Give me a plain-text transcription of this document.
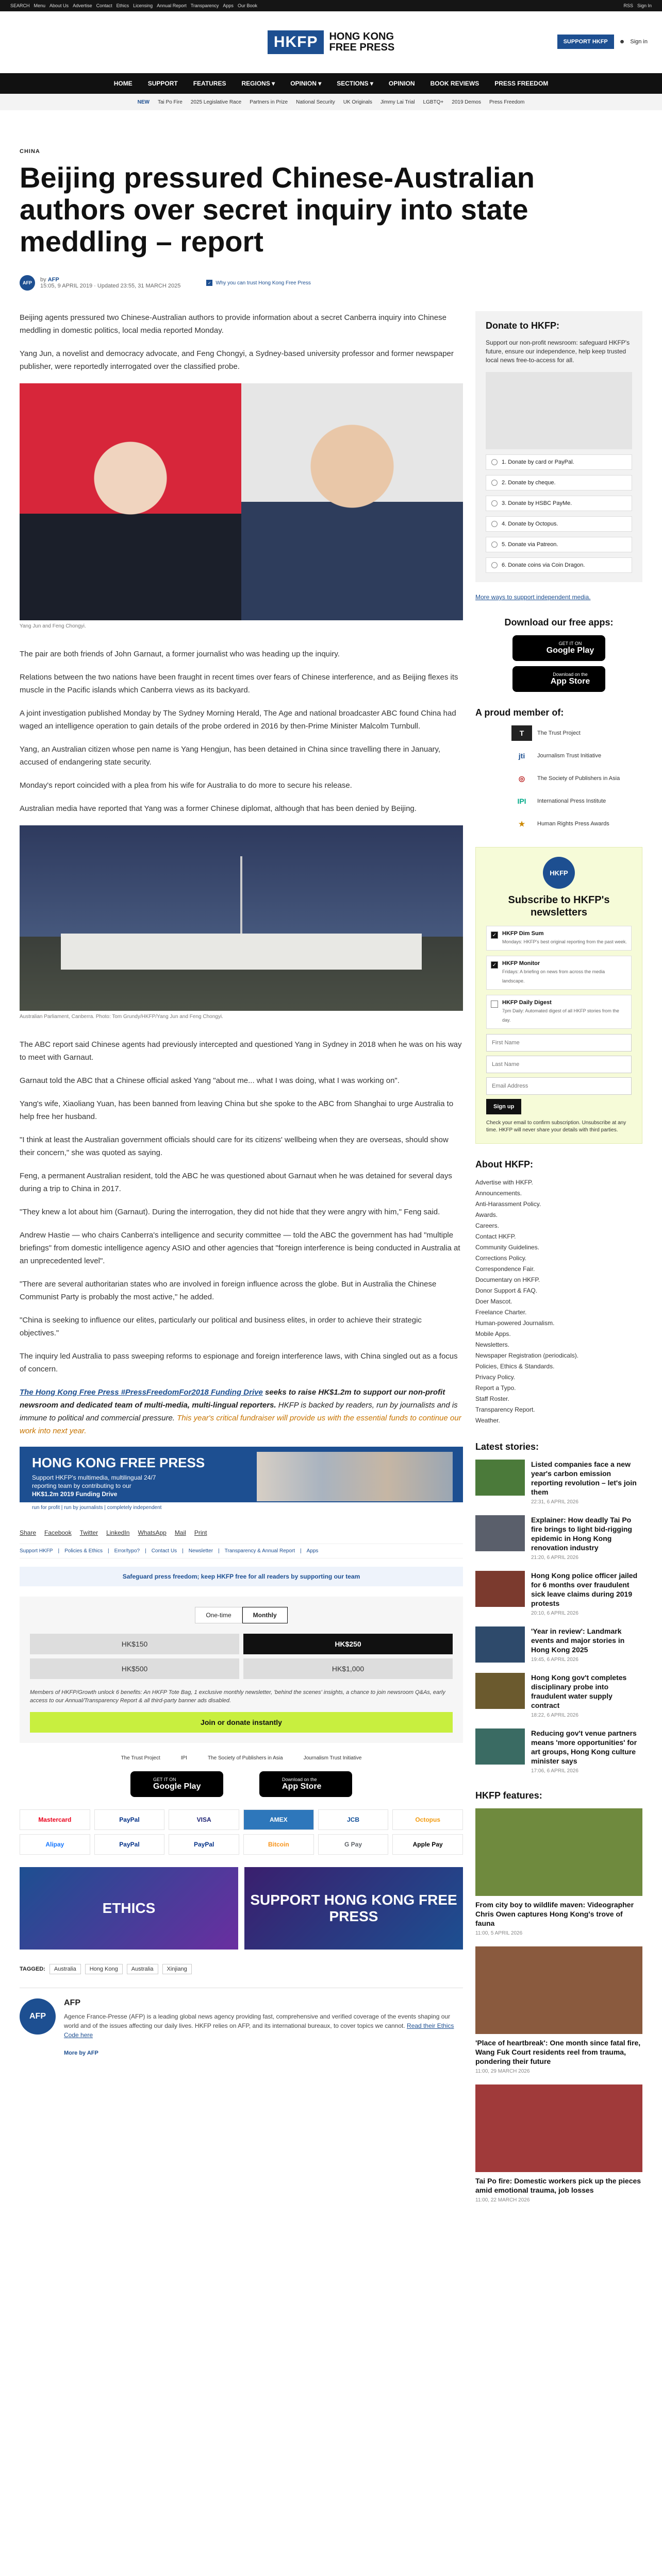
SEARCH Menu About Us Advertise Contact Ethics Licensing Annual Report Transparency Apps Our Book	RSS Sign In
HKFP	HONG KONG
FREE PRESS	SUPPORT HKFP	☻ Sign in
HOME	SUPPORT	FEATURES	REGIONS ▾	OPINION ▾	SECTIONS ▾	OPINION	BOOK REVIEWS	PRESS FREEDOM
NEW Tai Po Fire 2025 Legislative Race Partners in Prize National Security UK Originals Jimmy Lai Trial LGBTQ+ 2019 Demos Press Freedom
CHINA
Beijing pressured Chinese-Australian authors over secret inquiry into state meddling – report
AFP	by AFP
15:05, 9 APRIL 2019 · Updated 23:55, 31 MARCH 2025	✓ Why you can trust Hong Kong Free Press

Beijing agents pressured two Chinese-Australian authors to provide information about a secret Canberra inquiry into Chinese meddling in domestic politics, local media reported Monday.

Yang Jun, a novelist and democracy advocate, and Feng Chongyi, a Sydney-based university professor and former newspaper publisher, were reportedly interrogated over the classified probe.

Yang Jun and Feng Chongyi.

The pair are both friends of John Garnaut, a former journalist who was heading up the inquiry.

Relations between the two nations have been fraught in recent times over fears of Chinese interference, and as Beijing flexes its muscle in the Pacific islands which Canberra views as its backyard.

A joint investigation published Monday by The Sydney Morning Herald, The Age and national broadcaster ABC found China had waged an intelligence operation to gain details of the probe ordered in 2016 by then-Prime Minister Malcolm Turnbull.

Yang, an Australian citizen whose pen name is Yang Hengjun, has been detained in China since travelling there in January, accused of endangering state security.

Monday's report coincided with a plea from his wife for Australia to do more to secure his release.

Australian media have reported that Yang was a former Chinese diplomat, although that has been denied by Beijing.

Australian Parliament, Canberra. Photo: Tom Grundy/HKFP/Yang Jun and Feng Chongyi.

The ABC report said Chinese agents had previously intercepted and questioned Yang in Sydney in 2018 when he was on his way to meet with Garnaut.

Garnaut told the ABC that a Chinese official asked Yang "about me... what I was doing, what I was working on".

Yang's wife, Xiaoliang Yuan, has been banned from leaving China but she spoke to the ABC from Shanghai to urge Australia to help free her husband.

"I think at least the Australian government officials should care for its citizens' wellbeing when they are overseas, should show their concern," she was quoted as saying.

Feng, a permanent Australian resident, told the ABC he was questioned about Garnaut when he was detained for several days during a trip to China in 2017.

"They knew a lot about him (Garnaut). During the interrogation, they did not hide that they were angry with him," Feng said.

Andrew Hastie — who chairs Canberra's intelligence and security committee — told the ABC the government has had "multiple briefings" from domestic intelligence agency ASIO and other agencies that "foreign interference is being conducted in Australia at an unprecedented level".

"There are several authoritarian states who are involved in foreign influence across the globe. But in Australia the Chinese Communist Party is probably the most active," he added.

"China is seeking to influence our elites, particularly our political and business elites, in order to achieve their strategic objectives."

The inquiry led Australia to pass sweeping reforms to espionage and foreign interference laws, with China singled out as a focus of concern.

The Hong Kong Free Press #PressFreedomFor2018 Funding Drive seeks to raise HK$1.2m to support our non-profit newsroom and dedicated team of multi-media, multi-lingual reporters. HKFP is backed by readers, run by journalists and is immune to political and commercial pressure. This year's critical fundraiser will provide us with the essential funds to continue our work into next year.
HONG KONG FREE PRESS
Support HKFP's multimedia, multilingual 24/7
reporting team by contributing to our
HK$1.2m 2019 Funding Drive
run for profit | run by journalists | completely independent
Share Facebook Twitter LinkedIn WhatsApp Mail Print
Support HKFP | Policies & Ethics | Error/typo? | Contact Us | Newsletter | Transparency & Annual Report | Apps
Safeguard press freedom; keep HKFP free for all readers by supporting our team
One-time	Monthly
HK$150	HK$250
HK$500	HK$1,000
Members of HKFP/Growth unlock 6 benefits: An HKFP Tote Bag, 1 exclusive monthly newsletter, 'behind the scenes' insights, a chance to join newsroom Q&As, early access to our Annual/Transparency Report & all third-party banner ads disabled.
Join or donate instantly
The Trust Project	IPI	The Society of Publishers in Asia	Journalism Trust Initiative
GET IT ON
Google Play
Download on the
App Store
Mastercard	PayPal	VISA	AMEX	JCB	Octopus
Alipay	PayPal	PayPal	Bitcoin	G Pay	Apple Pay
ETHICS
SUPPORT HONG KONG FREE PRESS
TAGGED:	Australia	Hong Kong	Australia	Xinjiang
AFP
AFP

Agence France-Presse (AFP) is a leading global news agency providing fast, comprehensive and verified coverage of the events shaping our world and of the issues affecting our daily lives. HKFP relies on AFP, and its international bureaux, to cover topics we cannot. Read their Ethics Code here

More by AFP
Donate to HKFP:

Support our non-profit newsroom: safeguard HKFP's future, ensure our independence, help keep trusted local news free-to-access for all.

1. Donate by card or PayPal.
2. Donate by cheque.
3. Donate by HSBC PayMe.
4. Donate by Octopus.
5. Donate via Patreon.
6. Donate coins via Coin Dragon.
More ways to support independent media.
Download our free apps:
GET IT ON
Google Play
Download on the
App Store
A proud member of:
T	The Trust Project
jti	Journalism Trust Initiative
◎	The Society of Publishers in Asia
IPI	International Press Institute
★	Human Rights Press Awards
HKFP
Subscribe to HKFP's newsletters
✓ HKFP Dim Sum
Mondays: HKFP's best original reporting from the past week.
✓ HKFP Monitor
Fridays: A briefing on news from across the media landscape.
HKFP Daily Digest
7pm Daily: Automated digest of all HKFP stories from the day.
First Name Last Name Email Address Sign up

Check your email to confirm subscription. Unsubscribe at any time. HKFP will never share your details with third parties.

About HKFP:
Advertise with HKFP.
Announcements.
Anti-Harassment Policy.
Awards.
Careers.
Contact HKFP.
Community Guidelines.
Corrections Policy.
Correspondence Fair.
Documentary on HKFP.
Donor Support & FAQ.
Doer Mascot.
Freelance Charter.
Human-powered Journalism.
Mobile Apps.
Newsletters.
Newspaper Registration (periodicals).
Policies, Ethics & Standards.
Privacy Policy.
Report a Typo.
Staff Roster.
Transparency Report.
Weather.
Latest stories:
Listed companies face a new year's carbon emission reporting revolution – let's join them
22:31, 6 APRIL 2026
Explainer: How deadly Tai Po fire brings to light bid-rigging epidemic in Hong Kong renovation industry
21:20, 6 APRIL 2026
Hong Kong police officer jailed for 6 months over fraudulent sick leave claims during 2019 protests
20:10, 6 APRIL 2026
'Year in review': Landmark events and major stories in Hong Kong 2025
19:45, 6 APRIL 2026
Hong Kong gov't completes disciplinary probe into fraudulent water supply contract
18:22, 6 APRIL 2026
Reducing gov't venue partners means 'more opportunities' for art groups, Hong Kong culture minister says
17:06, 6 APRIL 2026
HKFP features:
From city boy to wildlife maven: Videographer Chris Owen captures Hong Kong's trove of fauna
11:00, 5 APRIL 2026
'Place of heartbreak': One month since fatal fire, Wang Fuk Court residents reel from trauma, pondering their future
11:00, 29 MARCH 2026
Tai Po fire: Domestic workers pick up the pieces amid emotional trauma, job losses
11:00, 22 MARCH 2026
